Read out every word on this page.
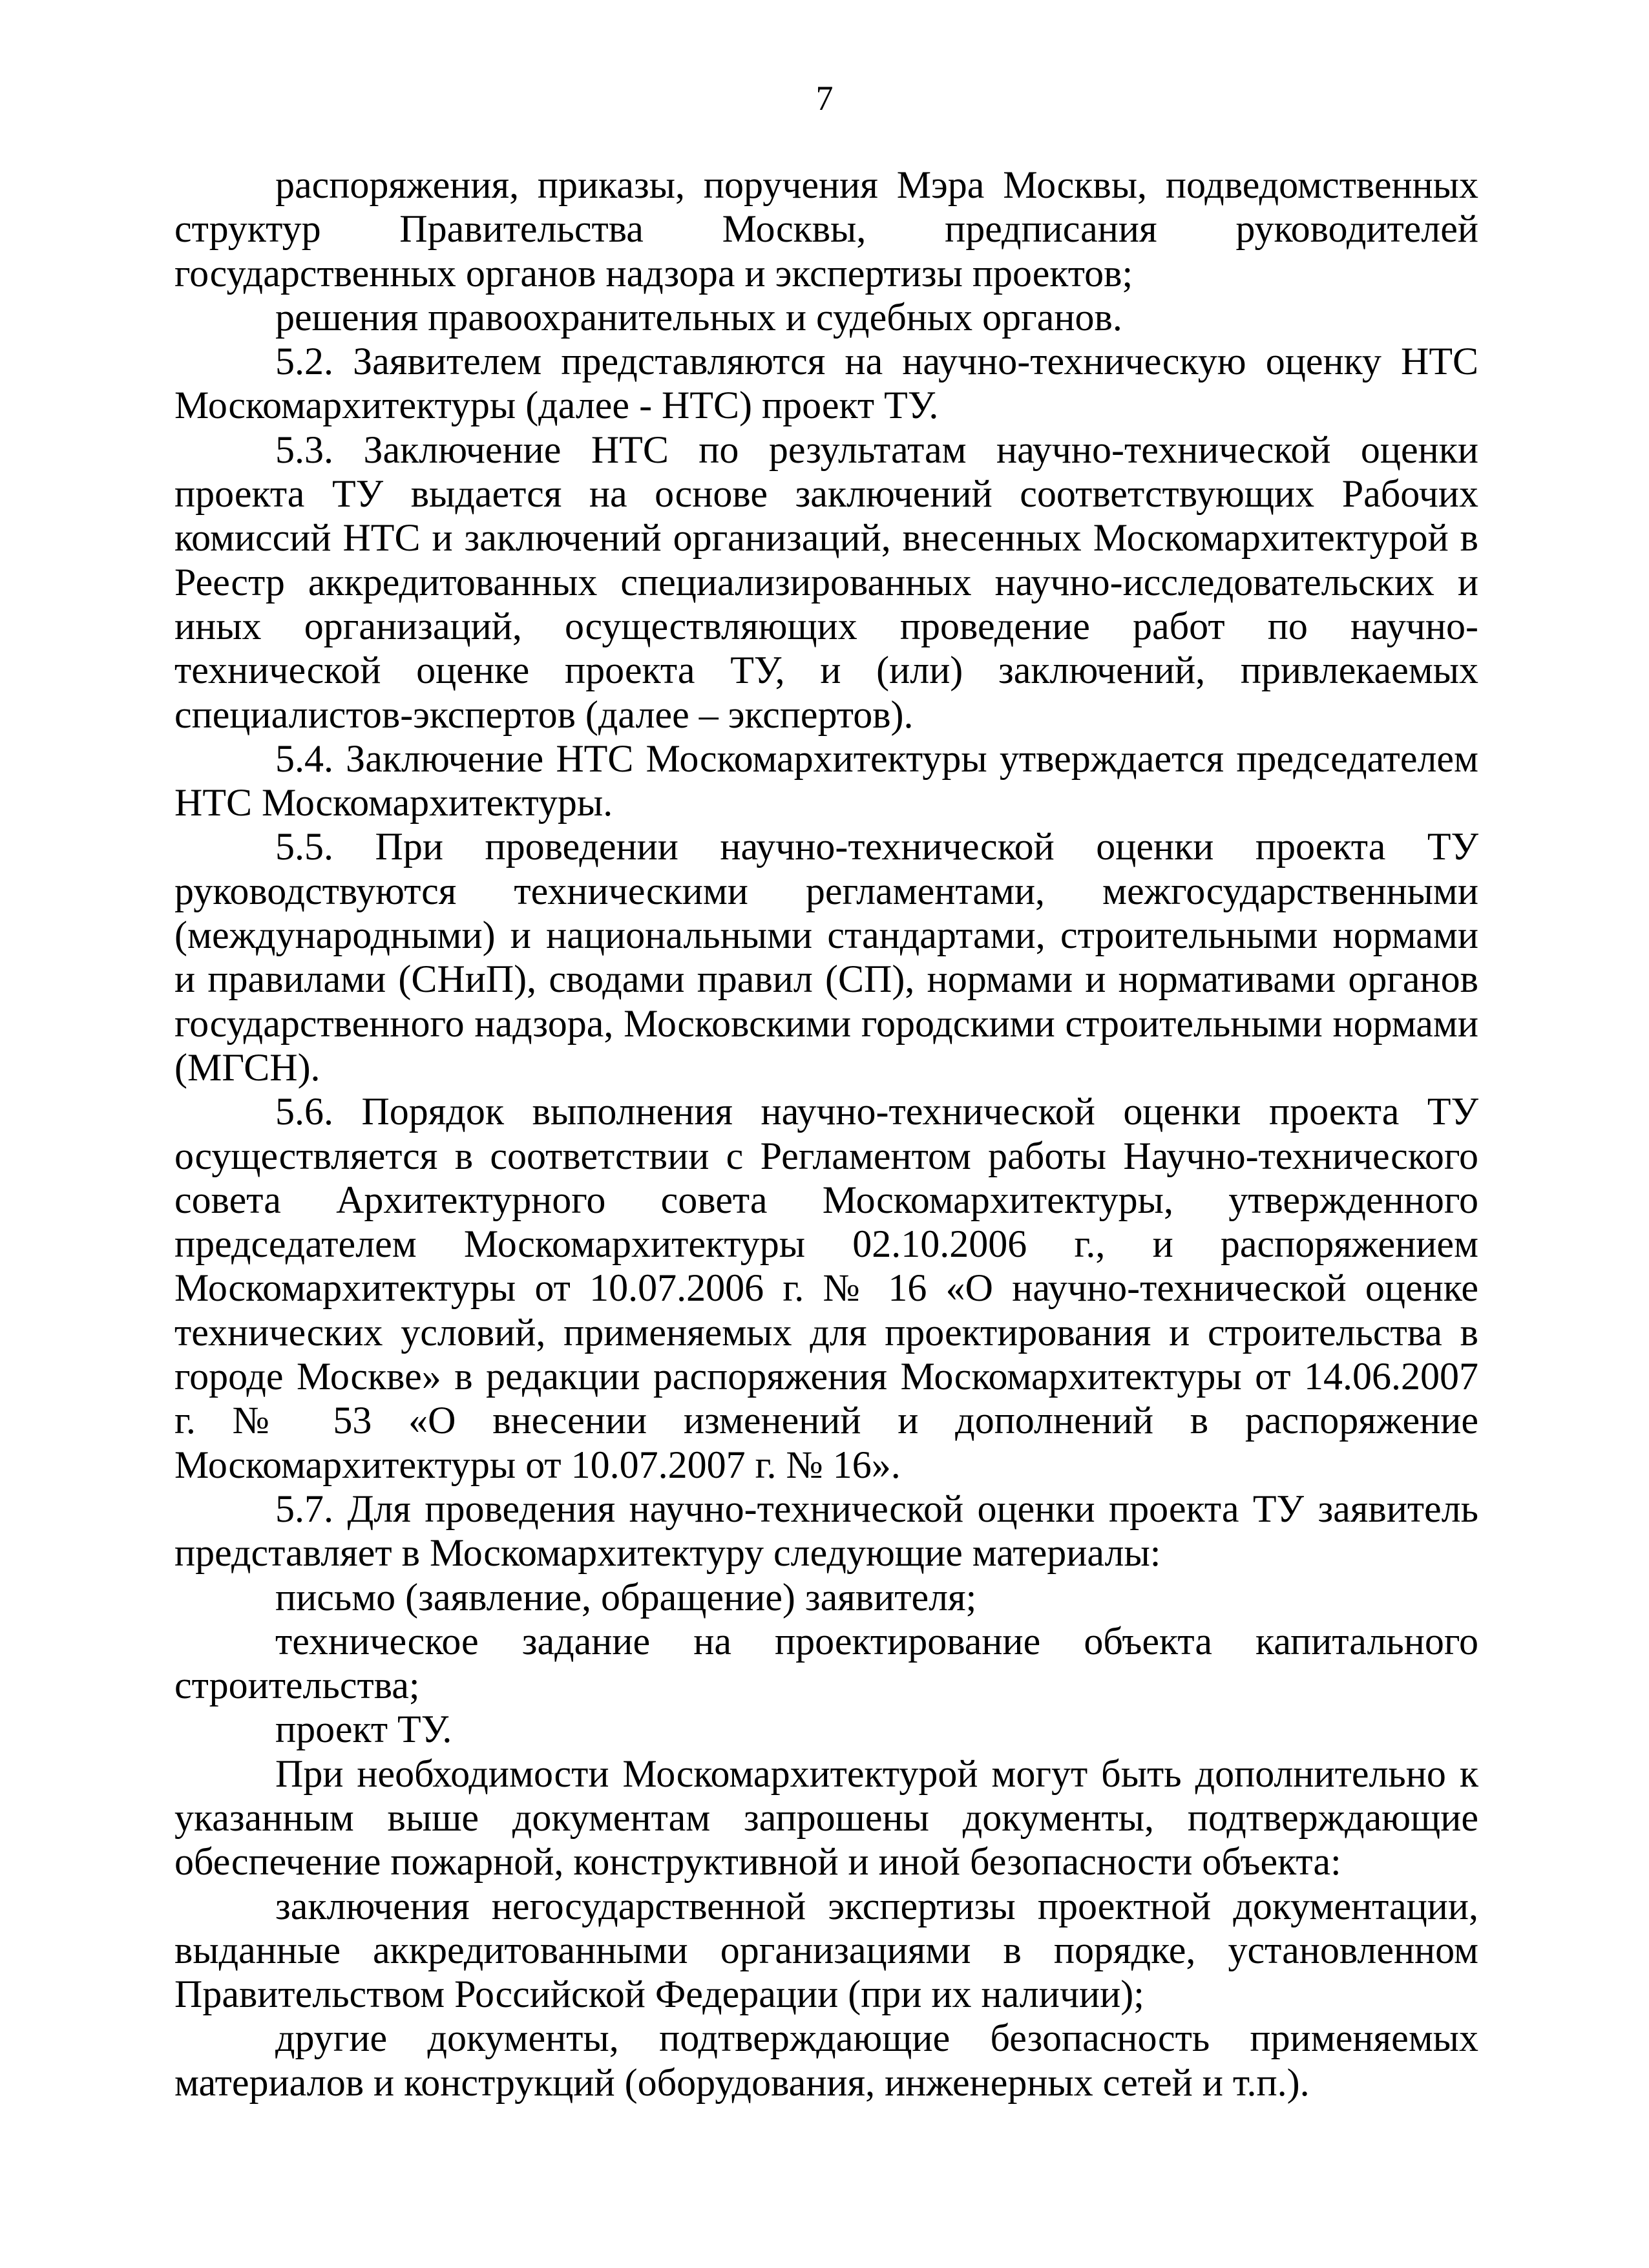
7

распоряжения, приказы, поручения Мэра Москвы, подведомственных структур Правительства Москвы, предписания руководителей государственных органов надзора и экспертизы проектов;

решения правоохранительных и судебных органов.

5.2. Заявителем представляются на научно-техническую оценку НТС Москомархитектуры (далее - НТС) проект ТУ.

5.3. Заключение НТС по результатам научно-технической оценки проекта ТУ выдается на основе заключений соответствующих Рабочих комиссий НТС и заключений организаций, внесенных Москомархитектурой в Реестр аккредитованных специализированных научно-исследовательских и иных организаций, осуществляющих проведение работ по научно-технической оценке проекта ТУ, и (или) заключений, привлекаемых специалистов-экспертов (далее – экспертов).

5.4. Заключение НТС Москомархитектуры утверждается председателем НТС Москомархитектуры.

5.5. При проведении научно-технической оценки проекта ТУ руководствуются техническими регламентами, межгосударственными (международными) и национальными стандартами, строительными нормами и правилами (СНиП), сводами правил (СП), нормами и нормативами органов государственного надзора, Московскими городскими строительными нормами (МГСН).

5.6. Порядок выполнения научно-технической оценки проекта ТУ осуществляется в соответствии с Регламентом работы Научно-технического совета Архитектурного совета Москомархитектуры, утвержденного председателем Москомархитектуры 02.10.2006 г., и распоряжением Москомархитектуры от 10.07.2006 г. № 16 «О научно-технической оценке технических условий, применяемых для проектирования и строительства в городе Москве» в редакции распоряжения Москомархитектуры от 14.06.2007 г. № 53 «О внесении изменений и дополнений в распоряжение Москомархитектуры от 10.07.2007 г. № 16».

5.7. Для проведения научно-технической оценки проекта ТУ заявитель представляет в Москомархитектуру следующие материалы:

письмо (заявление, обращение) заявителя;

техническое задание на проектирование объекта капитального строительства;

проект ТУ.

При необходимости Москомархитектурой могут быть дополнительно к указанным выше документам запрошены документы, подтверждающие обеспечение пожарной, конструктивной и иной безопасности объекта:

заключения негосударственной экспертизы проектной документации, выданные аккредитованными организациями в порядке, установленном Правительством Российской Федерации (при их наличии);

другие документы, подтверждающие безопасность применяемых материалов и конструкций (оборудования, инженерных сетей и т.п.).
